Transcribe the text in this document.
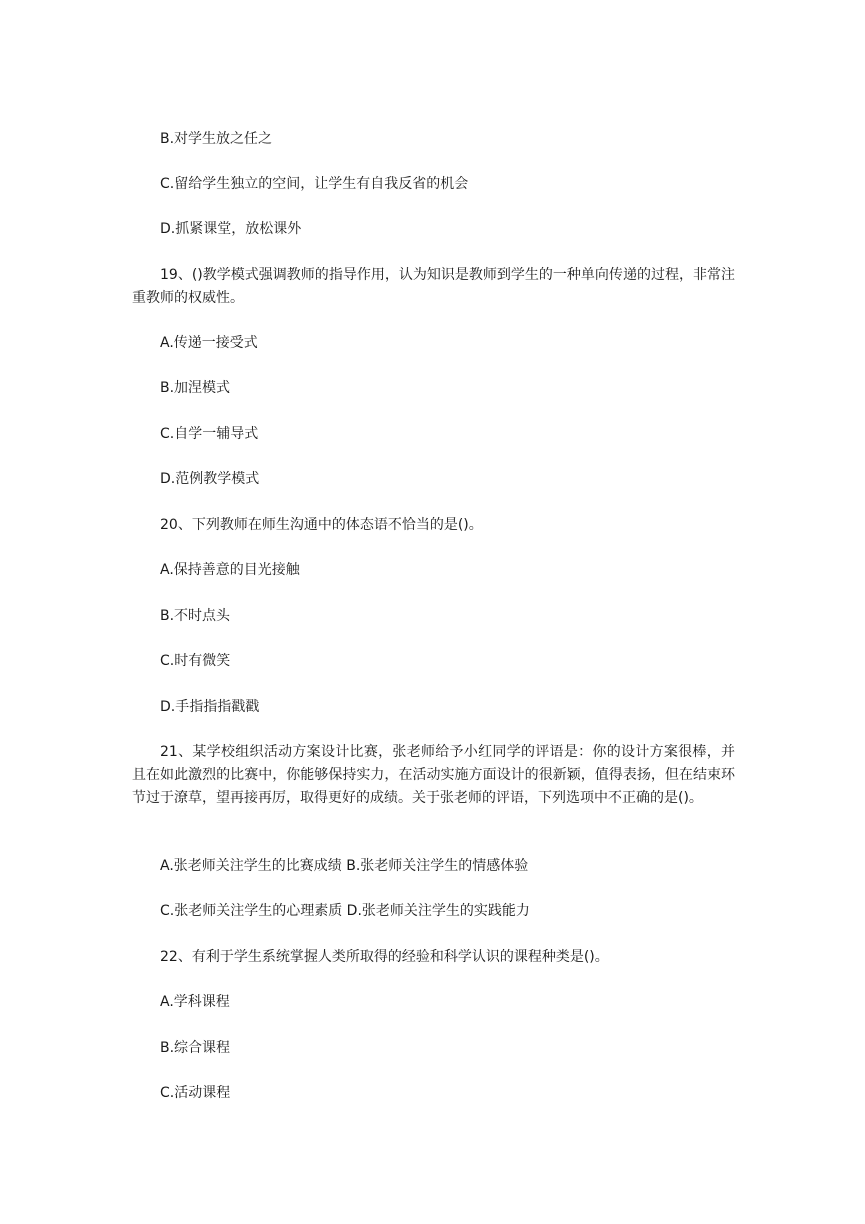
B.对学生放之任之

C.留给学生独立的空间，让学生有自我反省的机会

D.抓紧课堂，放松课外

19、()教学模式强调教师的指导作用，认为知识是教师到学生的一种单向传递的过程，非常注重教师的权威性。

A.传递一接受式

B.加涅模式

C.自学一辅导式

D.范例教学模式

20、下列教师在师生沟通中的体态语不恰当的是()。

A.保持善意的目光接触

B.不时点头

C.时有微笑

D.手指指指戳戳

21、某学校组织活动方案设计比赛，张老师给予小红同学的评语是：你的设计方案很棒，并且在如此激烈的比赛中，你能够保持实力，在活动实施方面设计的很新颖，值得表扬，但在结束环节过于潦草，望再接再厉，取得更好的成绩。关于张老师的评语，下列选项中不正确的是()。

A.张老师关注学生的比赛成绩 B.张老师关注学生的情感体验

C.张老师关注学生的心理素质 D.张老师关注学生的实践能力

22、有利于学生系统掌握人类所取得的经验和科学认识的课程种类是()。

A.学科课程

B.综合课程

C.活动课程
